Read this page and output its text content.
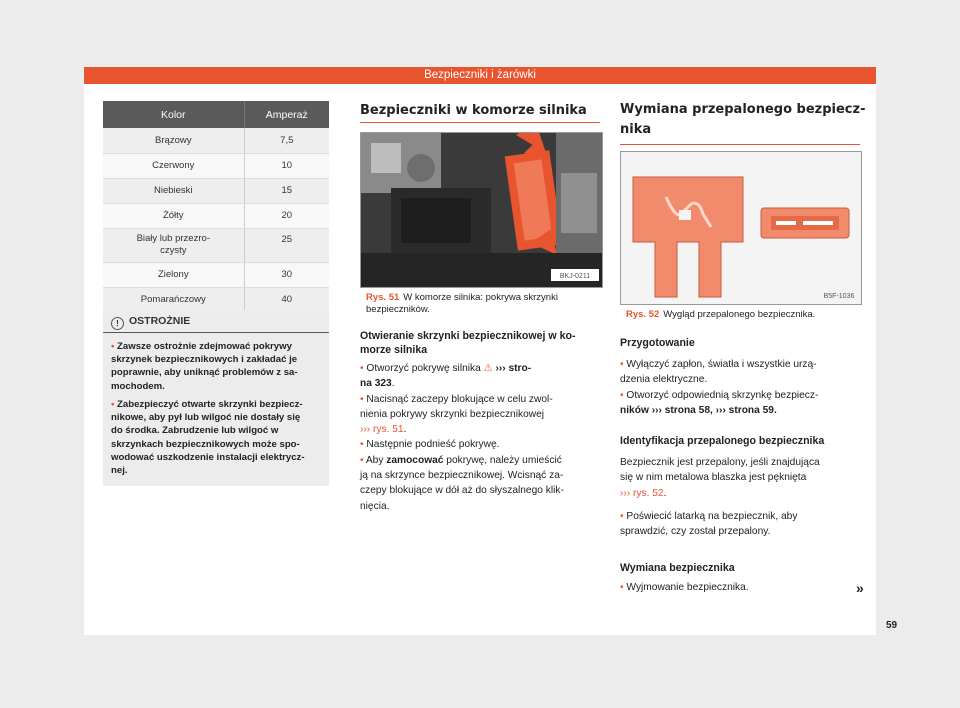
Bezpieczniki i żarówki
Kolor	Amperaż
Brązowy	7,5
Czerwony	10
Niebieski	15
Żółty	20
Biały lub przezro-
czysty	25
Zielony	30
Pomarańczowy	40
! OSTROŻNIE
• Zawsze ostrożnie zdejmować pokrywy
skrzynek bezpiecznikowych i zakładać je
poprawnie, aby uniknąć problemów z sa-
mochodem.
• Zabezpieczyć otwarte skrzynki bezpiecz-
nikowe, aby pył lub wilgoć nie dostały się
do środka. Zabrudzenie lub wilgoć w
skrzynkach bezpiecznikowych może spo-
wodować uszkodzenie instalacji elektrycz-
nej.
Bezpieczniki w komorze silnika
BKJ-0211
Rys. 51 W komorze silnika: pokrywa skrzynki
bezpieczników.
Otwieranie skrzynki bezpiecznikowej w ko-
morze silnika
• Otworzyć pokrywę silnika ⚠ ››› stro-
na 323.
• Nacisnąć zaczepy blokujące w celu zwol-
nienia pokrywy skrzynki bezpiecznikowej
››› rys. 51.
• Następnie podnieść pokrywę.
• Aby zamocować pokrywę, należy umieścić
ją na skrzynce bezpiecznikowej. Wcisnąć za-
czepy blokujące w dół aż do słyszalnego klik-
nięcia.
Wymiana przepalonego bezpiecz-
nika
B5F-1036
Rys. 52 Wygląd przepalonego bezpiecznika.
Przygotowanie
• Wyłączyć zapłon, światła i wszystkie urzą-
dzenia elektryczne.
• Otworzyć odpowiednią skrzynkę bezpiecz-
ników ››› strona 58, ››› strona 59.
Identyfikacja przepalonego bezpiecznika
Bezpiecznik jest przepalony, jeśli znajdująca
się w nim metalowa blaszka jest pęknięta
››› rys. 52.

• Poświecić latarką na bezpiecznik, aby
sprawdzić, czy został przepalony.
Wymiana bezpiecznika
• Wyjmowanie bezpiecznika.	»
59
